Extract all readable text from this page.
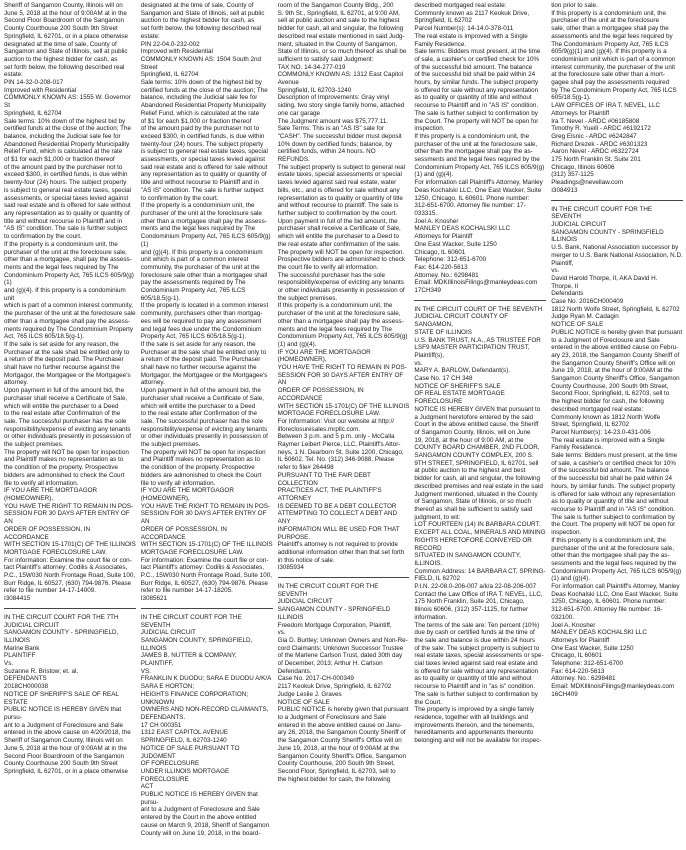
Sheriff of Sangamon County, Illinois will on
June 5, 2018 at the hour of 9:00AM at in the
Second Floor Boardroom of the Sangamon
County Courthouse 200 South 9th Street
Springfield, IL 62701, or in a place otherwise
designated at the time of sale, County of
Sangamon and State of Illinois, sell at public
auction to the highest bidder for cash, as
set forth below, the following described real
estate:
PIN 14-32-0-208-017
Improved with Residential
COMMONLY KNOWN AS: 1555 W. Governor St
Springfield, IL 62704
Sale terms: 10% down of the highest bid by
certified funds at the close of the auction; The
balance, including the Judicial sale fee for
Abandoned Residential Property Municipality
Relief Fund, which is calculated at the rate
of $1 for each $1,000 or fraction thereof
of the amount paid by the purchaser not to
exceed $300, in certified funds, is due within
twenty-four (24) hours. The subject property
is subject to general real estate taxes, special
assessments, or special taxes levied against
said real estate and is offered for sale without
any representation as to quality or quantity of
title and without recourse to Plaintiff and in
"AS IS" condition. The sale is further subject
to confirmation by the court.
If the property is a condominium unit, the
purchaser of the unit at the foreclosure sale,
other than a mortgagee, shall pay the assess-
ments and the legal fees required by The
Condominium Property Act, 765 ILCS 605/9(g)(1)
and (g)(4). If this property is a condominium unit
which is part of a common interest community,
the purchaser of the unit at the foreclosure sale
other than a mortgagee shall pay the assess-
ments required by The Condominium Property
Act, 765 ILCS 605/18.5(g-1).
If the sale is set aside for any reason, the
Purchaser at the sale shall be entitled only to
a return of the deposit paid. The Purchaser
shall have no further recourse against the
Mortgagor, the Mortgagee or the Mortgagee's
attorney.
Upon payment in full of the amount bid, the
purchaser shall receive a Certificate of Sale,
which will entitle the purchaser to a Deed
to the real estate after Confirmation of the
sale. The successful purchaser has the sole
responsibility/expense of evicting any tenants
or other individuals presently in possession of
the subject premises.
The property will NOT be open for inspection
and Plaintiff makes no representation as to
the condition of the property. Prospective
bidders are admonished to check the Court
file to verify all information.
IF YOU ARE THE MORTGAGOR (HOMEOWNER),
YOU HAVE THE RIGHT TO REMAIN IN POS-
SESSION FOR 30 DAYS AFTER ENTRY OF AN
ORDER OF POSSESSION, IN ACCORDANCE
WITH SECTION 15-1701(C) OF THE ILLINOIS
MORTGAGE FORECLOSURE LAW.
For information: Examine the court file or con-
tact Plaintiff's attorney: Codilis & Associates,
P.C., 15W030 North Frontage Road, Suite 100,
Burr Ridge, IL 60527, (630) 794-9876. Please
refer to file number 14-17-14009.
I3084415

IN THE CIRCUIT COURT FOR THE 7TH
JUDICIAL CIRCUIT
SANGAMON COUNTY - SPRINGFIELD,
ILLINOIS
Marine Bank
PLAINTIFF
Vs.
Suzanne R. Bristow; et. al.
DEFENDANTS
2018CH000038
NOTICE OF SHERIFF'S SALE OF REAL ESTATE
PUBLIC NOTICE IS HEREBY GIVEN that pursu-
ant to a Judgment of Foreclosure and Sale
entered in the above cause on 4/20/2018, the
Sheriff of Sangamon County, Illinois will on
June 5, 2018 at the hour of 9:00AM at in the
Second Floor Boardroom of the Sangamon
County Courthouse 200 South 9th Street
Springfield, IL 62701, or in a place otherwise

designated at the time of sale, County of
Sangamon and State of Illinois, sell at public
auction to the highest bidder for cash, as
set forth below, the following described real
estate:
PIN 22-04.0-232-002
Improved with Residential
COMMONLY KNOWN AS: 1504 South 2nd
Street
Springfield, IL 62704
Sale terms: 10% down of the highest bid by
certified funds at the close of the auction; The
balance, including the Judicial sale fee for
Abandoned Residential Property Municipality
Relief Fund, which is calculated at the rate
of $1 for each $1,000 or fraction thereof
of the amount paid by the purchaser not to
exceed $300, in certified funds, is due within
twenty-four (24) hours. The subject property
is subject to general real estate taxes, special
assessments, or special taxes levied against
said real estate and is offered for sale without
any representation as to quality or quantity of
title and without recourse to Plaintiff and in
"AS IS" condition. The sale is further subject
to confirmation by the court.
If the property is a condominium unit, the
purchaser of the unit at the foreclosure sale
other than a mortgagee shall pay the assess-
ments and the legal fees required by The
Condominium Property Act, 765 ILCS 605/9(g)(1)
and (g)(4). If this property is a condominium
unit which is part of a common interest
community, the purchaser of the unit at the
foreclosure sale other than a mortgagee shall
pay the assessments required by The
Condominium Property Act, 765 ILCS 605/18.5(g-1).
If the property is located in a common interest
community, purchasers other than mortgag-
ees will be required to pay any assessment
and legal fees due under the Condominium
Property Act, 765 ILCS 605/18.5(g-1).
If the sale is set aside for any reason, the
Purchaser at the sale shall be entitled only to
a return of the deposit paid. The Purchaser
shall have no further recourse against the
Mortgagor, the Mortgagee or the Mortgagee's
attorney.
Upon payment in full of the amount bid, the
purchaser shall receive a Certificate of Sale,
which will entitle the purchaser to a Deed
to the real estate after Confirmation of the
sale. The successful purchaser has the sole
responsibility/expense of evicting any tenants
or other individuals presently in possession of
the subject premises.
The property will NOT be open for inspection
and Plaintiff makes no representation as to
the condition of the property. Prospective
bidders are admonished to check the Court
file to verify all information.
IF YOU ARE THE MORTGAGOR (HOMEOWNER),
YOU HAVE THE RIGHT TO REMAIN IN POS-
SESSION FOR 30 DAYS AFTER ENTRY OF AN
ORDER OF POSSESSION, IN ACCORDANCE
WITH SECTION 15-1701(C) OF THE ILLINOIS
MORTGAGE FORECLOSURE LAW.
For information: Examine the court file or con-
tact Plaintiff's attorney: Codilis & Associates,
P.C., 15W030 North Frontage Road, Suite 100,
Burr Ridge, IL 60527, (630) 794-9876. Please
refer to file number 14-17-18205.
I3085621

IN THE CIRCUIT COURT FOR THE SEVENTH
JUDICIAL CIRCUIT
SANGAMON COUNTY, SPRINGFIELD, ILLINOIS
JAMES B. NUTTER & COMPANY,
PLAINTIFF,
VS.
FRANKLIN K DUODU; SARA E DUODU A/K/A
SARA E HORTON;
HEIGHTS FINANCE CORPORATION; UNKNOWN
OWNERS AND NON-RECORD CLAIMANTS,
DEFENDANTS.
17 CH 000351
1312 EAST CAPITOL AVENUE
SPRINGFIELD, IL 62703-1240
NOTICE OF SALE PURSUANT TO JUDGMENT
OF FORECLOSURE
UNDER ILLINOIS MORTGAGE FORECLOSURE
ACT
PUBLIC NOTICE IS HEREBY GIVEN that pursu-
ant to a Judgment of Foreclosure and Sale
entered by the Court in the above entitled
cause on March 9, 2018, Sheriff of Sangamon
County will on June 19, 2018, in the board-

room of the Sangamon County Bldg., 200
S. 9th St., Springfield, IL 62701, at 9:00 AM,
sell at public auction and sale to the highest
bidder for cash, all and singular, the following
described real estate mentioned in said Judg-
ment, situated in the County of Sangamon,
State of Illinois, or so much thereof as shall be
sufficient to satisfy said Judgment:
TAX NO. 14-34-277-019
COMMONLY KNOWN AS: 1312 East Capitol
Avenue
Springfield, IL 62703-1240
Description of Improvements: Gray vinyl
siding, two story single family home, attached
one car garage
The Judgment amount was $75,777.11.
Sale Terms: This is an "AS IS" sale for
"CASH". The successful bidder must deposit
10% down by certified funds; balance, by
certified funds, within 24 hours. NO REFUNDS.
The subject property is subject to general real
estate taxes, special assessments or special
taxes levied against said real estate, water
bills, etc., and is offered for sale without any
representation as to quality or quantity of title
and without recourse to plaintiff. The sale is
further subject to confirmation by the court.
Upon payment in full of the bid amount, the
purchaser shall receive a Certificate of Sale,
which will entitle the purchaser to a Deed to
the real estate after confirmation of the sale.
The property will NOT be open for inspection.
Prospective bidders are admonished to check
the court file to verify all information.
The successful purchaser has the sole
responsibility/expense of evicting any tenants
or other individuals presently in possession of
the subject premises.
If this property is a condominium unit, the
purchaser of the unit at the foreclosure sale,
other than a mortgagee shall pay the assess-
ments and the legal fees required by The
Condominium Property Act, 765 ILCS 605/9(g)
(1) and (g)(4).
IF YOU ARE THE MORTGAGOR (HOMEOWNER),
YOU HAVE THE RIGHT TO REMAIN IN POS-
SESSION FOR 30 DAYS AFTER ENTRY OF AN
ORDER OF POSSESSION, IN ACCORDANCE
WITH SECTION 15-1701(C) OF THE ILLINOIS
MORTGAGE FORECLOSURE LAW.
For Information: Visit our website at http://
ilforeclosuresales.mrpllc.com.
Between 3 p.m. and 5 p.m. only - McCalla
Raymer Leibert Pierce, LLC, Plaintiff's Attor-
neys, 1 N. Dearborn St. Suite 1200, Chicago,
IL 60602. Tel. No. (312) 346-9088. Please
refer to file# 264498
PURSUANT TO THE FAIR DEBT COLLECTION
PRACTICES ACT, THE PLAINTIFF'S ATTORNEY
IS DEEMED TO BE A DEBT COLLECTOR
ATTEMPTING TO COLLECT A DEBT AND ANY
INFORMATION WILL BE USED FOR THAT
PURPOSE.
Plaintiff's attorney is not required to provide
additional information other than that set forth
in this notice of sale.
I3085934

IN THE CIRCUIT COURT FOR THE SEVENTH
JUDICIAL CIRCUIT
SANGAMON COUNTY - SPRINGFIELD ILLINOIS
Freedom Mortgage Corporation, Plaintiff,
vs.
Gia D. Burtley; Unknown Owners and Non-Re-
cord Claimants; Unknown Successor Trustee
of the Marlene Carlson Trust, dated 30th day
of December, 2013; Arthur H. Carlson
Defendants.
Case No. 2017-CH-000349
2117 Keokuk Drive, Springfield, IL 62702
Judge Leslie J. Graves
NOTICE OF SALE
PUBLIC NOTICE is hereby given that pursuant
to a Judgment of Foreclosure and Sale
entered in the above entitled cause on Janu-
ary 26, 2018, the Sangamon County Sheriff of
the Sangamon County Sheriff's Office will on
June 19, 2018, at the hour of 9:00AM at the
Sangamon County Sheriff's Office, Sangamon
County Courthouse, 200 South 9th Street,
Second Floor, Springfield, IL 62703, sell to
the highest bidder for cash, the following

described mortgaged real estate:
Commonly known as 2117 Keokuk Drive,
Springfield, IL 62702
Parcel Number(s): 14-14.0-378-011
The real estate is improved with a Single
Family Residence.
Sale terms: Bidders must present, at the time
of sale, a cashier's or certified check for 10%
of the successful bid amount. The balance
of the successful bid shall be paid within 24
hours, by similar funds. The subject property
is offered for sale without any representation
as to quality or quantity of title and without
recourse to Plaintiff and in "AS IS" condition.
The sale is further subject to confirmation by
the Court. The property will NOT be open for
inspection.
If this property is a condominium unit, the
purchaser of the unit at the foreclosure sale,
other than the mortgagee shall pay the as-
sessments and the legal fees required by the
Condominium Property Act, 765 ILCS 605/9(g)
(1) and (g)(4).
For information call Plaintiff's Attorney, Manley
Deas Kochalski LLC, One East Wacker, Suite
1250, Chicago, IL 60601. Phone number:
312-651-6700. Attorney file number: 17-
033315.
Joel A. Knosher
MANLEY DEAS KOCHALSKI LLC
Attorneys for Plaintiff
One East Wacker, Suite 1250
Chicago, IL 60601
Telephone: 312-651-6700
Fax: 614-220-5613
Attorney. No.: 6298481
Email: MDKIllinoisFilings@manleydeas.com
17CH349

IN THE CIRCUIT COURT OF THE SEVENTH
JUDICIAL CIRCUIT COUNTY OF SANGAMON,
STATE OF ILLINOIS
U.S. BANK TRUST, N.A., AS TRUSTEE FOR
LSF9 MASTER PARTICIPATION TRUST,
Plaintiff(s),
vs.
MARY A. BARLOW, Defendant(s).
Case No. 17 CH 348
NOTICE OF SHERIFF'S SALE
OF REAL ESTATE MORTGAGE FORECLOSURE
NOTICE IS HEREBY GIVEN that pursuant to
a Judgment heretofore entered by the said
Court in the above entitled cause, the Sheriff
of Sangamon County, Illinois, will on June
19, 2018, at the hour of 9:00 AM, at the
COUNTY BOARD CHAMBER, 2ND FLOOR,
SANGAMON COUNTY COMPLEX, 200 S.
9TH STREET, SPRINGFIELD, IL 62701, sell
at public auction to the highest and best
bidder for cash, all and singular, the following
described premises and real estate in the said
Judgment mentioned, situated in the County
of Sangamon, State of Illinois, or so much
thereof as shall be sufficient to satisfy said
judgment, to wit:
LOT FOURTEEN (14) IN BARBARA COURT.
EXCEPT ALL COAL, MINERALS AND MINING
RIGHTS HERETOFORE CONVEYED OR RECORD
SITUATED IN SANGAMON COUNTY, ILLINOIS.
Common Address: 14 BARBARA CT, SPRING-
FIELD, IL 62702
P.I.N. 22-08.0-206-007 a/k/a 22-08-206-007
Contact the Law Office of IRA T. NEVEL, LLC,
175 North Franklin, Suite 201, Chicago,
Illinois 60606, (312) 357-1125, for further
information.
The terms of the sale are: Ten percent (10%)
due by cash or certified funds at the time of
the sale and balance is due within 24 hours
of the sale. The subject property is subject to
real estate taxes, special assessments or spe-
cial taxes levied against said real estate and
is offered for sale without any representation
as to quality or quantity of title and without
recourse to Plaintiff and in "as is" condition.
The sale is further subject to confirmation by
the Court.
The property is improved by a single family
residence, together with all buildings and
improvements thereon, and the tenements,
hereditaments and appurtenants thereunto
belonging and will not be available for inspec-

tion prior to sale.
If this property is a condominium unit, the
purchaser of the unit at the foreclosure
sale, other than a mortgagee shall pay the
assessments and the legal fees required by
The Condominium Property Act, 765 ILCS
605/9(g)(1) and (g)(4). If this property is a
condominium unit which is part of a common
interest community, the purchaser of the unit
at the foreclosure sale other than a mort-
gagee shall pay the assessments required
by The Condominium Property Act, 765 ILCS
605/18.5(g-1).
LAW OFFICES OF IRA T. NEVEL, LLC
Attorneys for Plaintiff
Ira T. Nevel - ARDC #06185808
Timothy R. Yueill - ARDC #6192172
Greg Elsnic - ARDC #6242847
Richard Drezek - ARDC #6301323
Aaron Nevel - ARDC #6322724
175 North Franklin St. Suite 201
Chicago, Illinois 60606
(312) 357-1125
Pleadings@nevellaw.com
I3084913

IN THE CIRCUIT COURT FOR THE SEVENTH
JUDICIAL CIRCUIT
SANGAMON COUNTY - SPRINGFIELD ILLINOIS
U.S. Bank, National Association successor by
merger to U.S. Bank National Association, N.D.
Plaintiff,
vs.
David Harold Thorpe, II, AKA David H.
Thorpe, II
Defendants
Case No. 2016CH000409
1812 North Wolfe Street, Springfield, IL 62702
Judge Ryan M. Cadagin
NOTICE OF SALE
PUBLIC NOTICE is hereby given that pursuant
to a Judgment of Foreclosure and Sale
entered in the above entitled cause on Febru-
ary 23, 2018, the Sangamon County Sheriff of
the Sangamon County Sheriff's Office will on
June 19, 2018, at the hour of 9:00AM at the
Sangamon County Sheriff's Office, Sangamon
County Courthouse, 200 South 9th Street,
Second Floor, Springfield, IL 62703, sell to
the highest bidder for cash, the following
described mortgaged real estate:
Commonly known as 1812 North Wolfe
Street, Springfield, IL 62702
Parcel Number(s): 14-23.0-431-006
The real estate is improved with a Single
Family Residence.
Sale terms: Bidders must present, at the time
of sale, a cashier's or certified check for 10%
of the successful bid amount. The balance
of the successful bid shall be paid within 24
hours, by similar funds. The subject property
is offered for sale without any representation
as to quality or quantity of title and without
recourse to Plaintiff and in "AS IS" condition.
The sale is further subject to confirmation by
the Court. The property will NOT be open for
inspection.
If this property is a condominium unit, the
purchaser of the unit at the foreclosure sale,
other than the mortgagee shall pay the as-
sessments and the legal fees required by the
Condominium Property Act, 765 ILCS 605/9(g)
(1) and (g)(4).
For information call Plaintiff's Attorney, Manley
Deas Kochalski LLC, One East Wacker, Suite
1250, Chicago, IL 60601. Phone number:
312-651-6700. Attorney file number: 16-
032100.
Joel A. Knosher
MANLEY DEAS KOCHALSKI LLC
Attorneys for Plaintiff
One East Wacker, Suite 1250
Chicago, IL 60601
Telephone: 312-651-6700
Fax: 614-220-5613
Attorney. No.: 6298481
Email: MDKIllinoisFilings@manleydeas.com
16CH409
